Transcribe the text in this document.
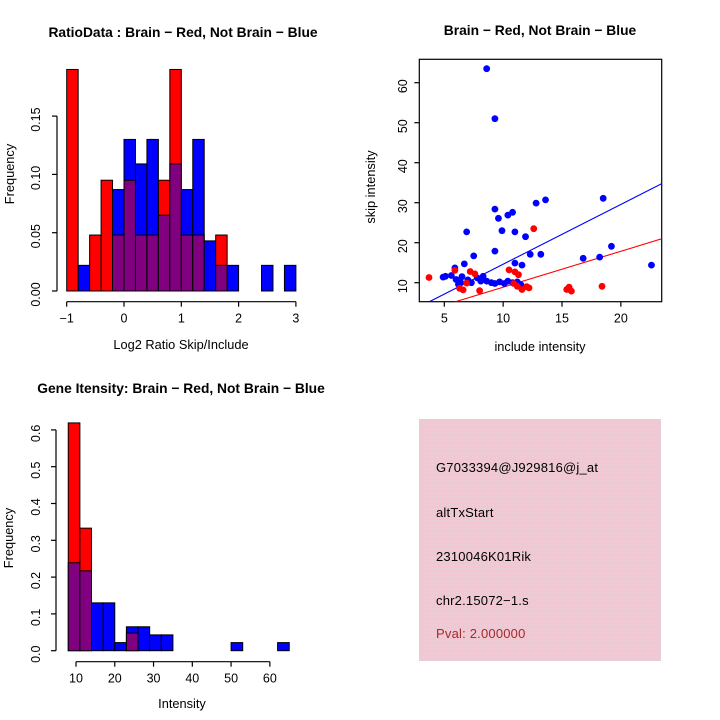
RatioData : Brain − Red, Not Brain − Blue
Log2 Ratio Skip/Include
Frequency
0.00
0.05
0.10
0.15
−1	0	1	2	3
Brain − Red, Not Brain − Blue
include intensity
skip intensity
5	10	15	20
10
20
30
40
50
60
Gene Itensity: Brain − Red, Not Brain − Blue
Intensity
Frequency
0.0
0.1
0.2
0.3
0.4
0.5
0.6
10 20 30 40 50 60
G7033394@J929816@j_at
altTxStart
2310046K01Rik
chr2.15072−1.s
Pval: 2.000000
